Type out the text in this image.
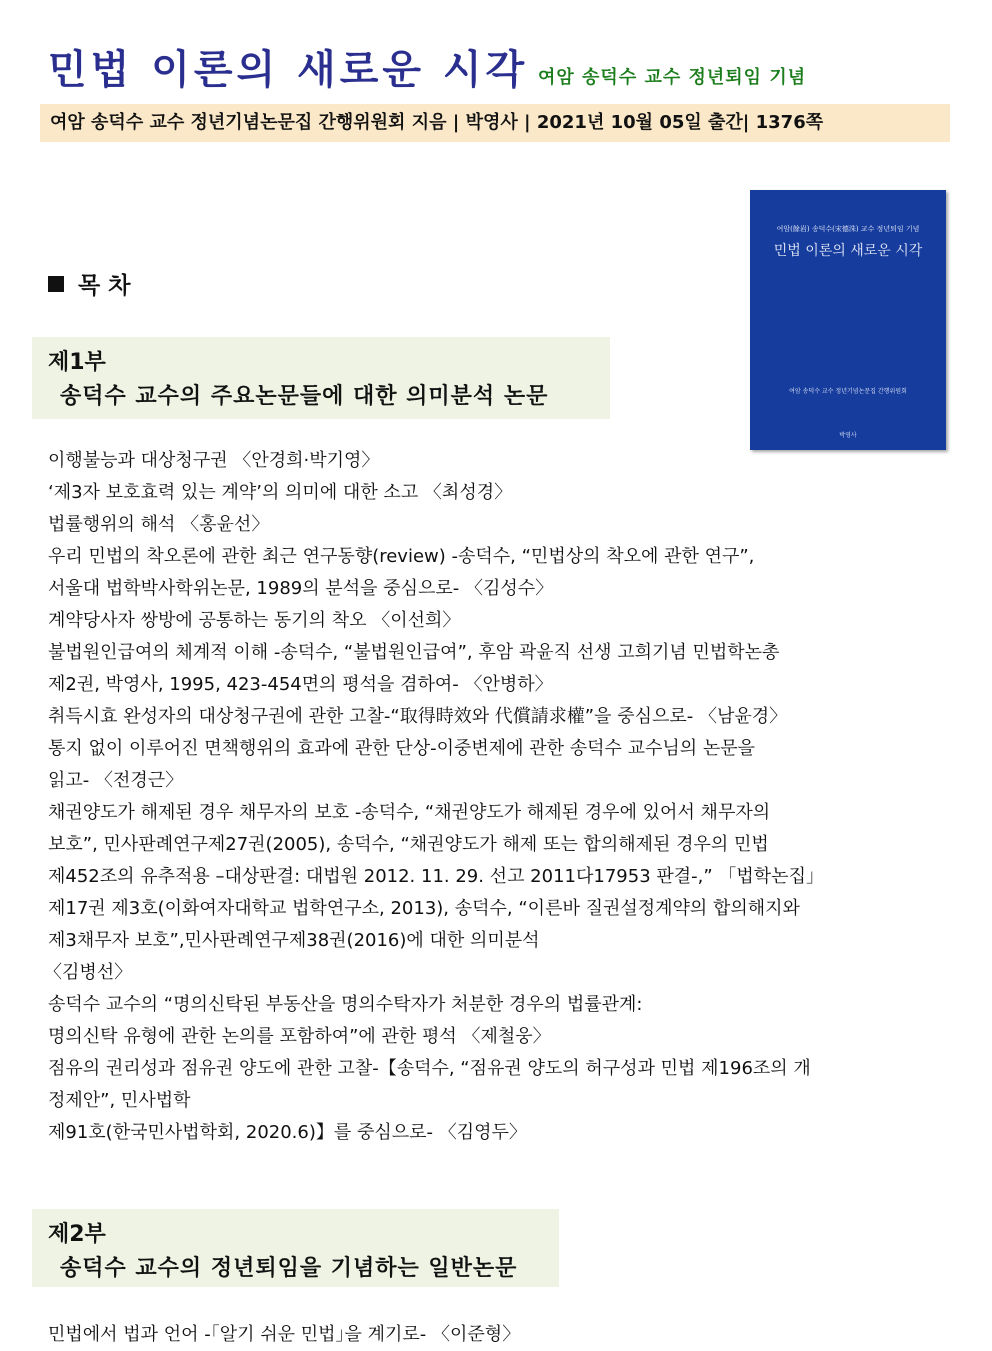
민법 이론의 새로운 시각 여암 송덕수 교수 정년퇴임 기념
여암 송덕수 교수 정년기념논문집 간행위원회 지음 | 박영사 | 2021년 10월 05일 출간| 1376쪽
여암(餘岩) 송덕수(宋德洙) 교수 정년퇴임 기념
민법 이론의 새로운 시각
여암 송덕수 교수 정년기념논문집 간행위원회
박영사
목 차
제1부
송덕수 교수의 주요논문들에 대한 의미분석 논문
이행불능과 대상청구권 〈안경희·박기영〉
‘제3자 보호효력 있는 계약’의 의미에 대한 소고 〈최성경〉
법률행위의 해석 〈홍윤선〉
우리 민법의 착오론에 관한 최근 연구동향(review) -송덕수, “민법상의 착오에 관한 연구”,
서울대 법학박사학위논문, 1989의 분석을 중심으로- 〈김성수〉
계약당사자 쌍방에 공통하는 동기의 착오 〈이선희〉
불법원인급여의 체계적 이해 -송덕수, “불법원인급여”, 후암 곽윤직 선생 고희기념 민법학논총
제2권, 박영사, 1995, 423-454면의 평석을 겸하여- 〈안병하〉
취득시효 완성자의 대상청구권에 관한 고찰-“取得時效와 代償請求權”을 중심으로- 〈남윤경〉
통지 없이 이루어진 면책행위의 효과에 관한 단상-이중변제에 관한 송덕수 교수님의 논문을
읽고- 〈전경근〉
채권양도가 해제된 경우 채무자의 보호 -송덕수, “채권양도가 해제된 경우에 있어서 채무자의
보호”, 민사판례연구제27권(2005), 송덕수, “채권양도가 해제 또는 합의해제된 경우의 민법
제452조의 유추적용 –대상판결: 대법원 2012. 11. 29. 선고 2011다17953 판결-,” 「법학논집」
제17권 제3호(이화여자대학교 법학연구소, 2013), 송덕수, “이른바 질권설정계약의 합의해지와
제3채무자 보호”,민사판례연구제38권(2016)에 대한 의미분석
〈김병선〉
송덕수 교수의 “명의신탁된 부동산을 명의수탁자가 처분한 경우의 법률관계:
명의신탁 유형에 관한 논의를 포함하여”에 관한 평석 〈제철웅〉
점유의 권리성과 점유권 양도에 관한 고찰-【송덕수, “점유권 양도의 허구성과 민법 제196조의 개
정제안”, 민사법학
제91호(한국민사법학회, 2020.6)】를 중심으로- 〈김영두〉
제2부
송덕수 교수의 정년퇴임을 기념하는 일반논문
민법에서 법과 언어 -｢알기 쉬운 민법｣을 계기로- 〈이준형〉
